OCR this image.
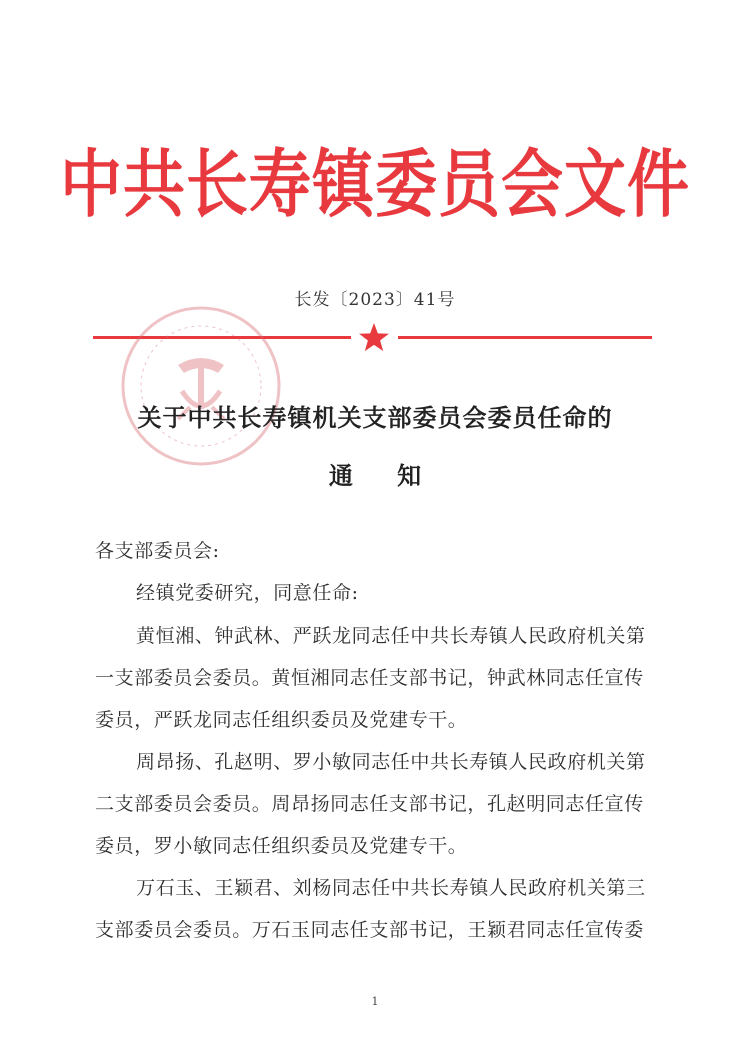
中共长寿镇委员会文件
长发〔2023〕41号
关于中共长寿镇机关支部委员会委员任命的
通 知
各支部委员会:
经镇党委研究，同意任命:
黄恒湘、钟武林、严跃龙同志任中共长寿镇人民政府机关第
一支部委员会委员。黄恒湘同志任支部书记，钟武林同志任宣传
委员，严跃龙同志任组织委员及党建专干。
周昂扬、孔赵明、罗小敏同志任中共长寿镇人民政府机关第
二支部委员会委员。周昂扬同志任支部书记，孔赵明同志任宣传
委员，罗小敏同志任组织委员及党建专干。
万石玉、王颖君、刘杨同志任中共长寿镇人民政府机关第三
支部委员会委员。万石玉同志任支部书记，王颖君同志任宣传委
1
